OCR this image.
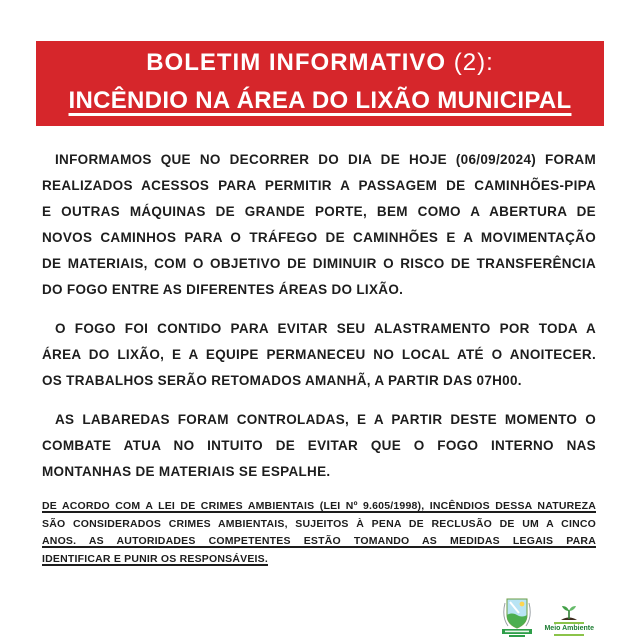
BOLETIM INFORMATIVO (2):
INCÊNDIO NA ÁREA DO LIXÃO MUNICIPAL
INFORMAMOS QUE NO DECORRER DO DIA DE HOJE (06/09/2024) FORAM
REALIZADOS ACESSOS PARA PERMITIR A PASSAGEM DE CAMINHÕES-PIPA
E OUTRAS MÁQUINAS DE GRANDE PORTE, BEM COMO A ABERTURA DE
NOVOS CAMINHOS PARA O TRÁFEGO DE CAMINHÕES E A MOVIMENTAÇÃO
DE MATERIAIS, COM O OBJETIVO DE DIMINUIR O RISCO DE TRANSFERÊNCIA
DO FOGO ENTRE AS DIFERENTES ÁREAS DO LIXÃO.
O FOGO FOI CONTIDO PARA EVITAR SEU ALASTRAMENTO POR TODA A
ÁREA DO LIXÃO, E A EQUIPE PERMANECEU NO LOCAL ATÉ O ANOITECER.
OS TRABALHOS SERÃO RETOMADOS AMANHÃ, A PARTIR DAS 07H00.
AS LABAREDAS FORAM CONTROLADAS, E A PARTIR DESTE MOMENTO O
COMBATE ATUA NO INTUITO DE EVITAR QUE O FOGO INTERNO NAS
MONTANHAS DE MATERIAIS SE ESPALHE.
DE ACORDO COM A LEI DE CRIMES AMBIENTAIS (LEI Nº 9.605/1998), INCÊNDIOS DESSA NATUREZA
SÃO CONSIDERADOS CRIMES AMBIENTAIS, SUJEITOS À PENA DE RECLUSÃO DE UM A CINCO
ANOS. AS AUTORIDADES COMPETENTES ESTÃO TOMANDO AS MEDIDAS LEGAIS PARA
IDENTIFICAR E PUNIR OS RESPONSÁVEIS.
Meio Ambiente
